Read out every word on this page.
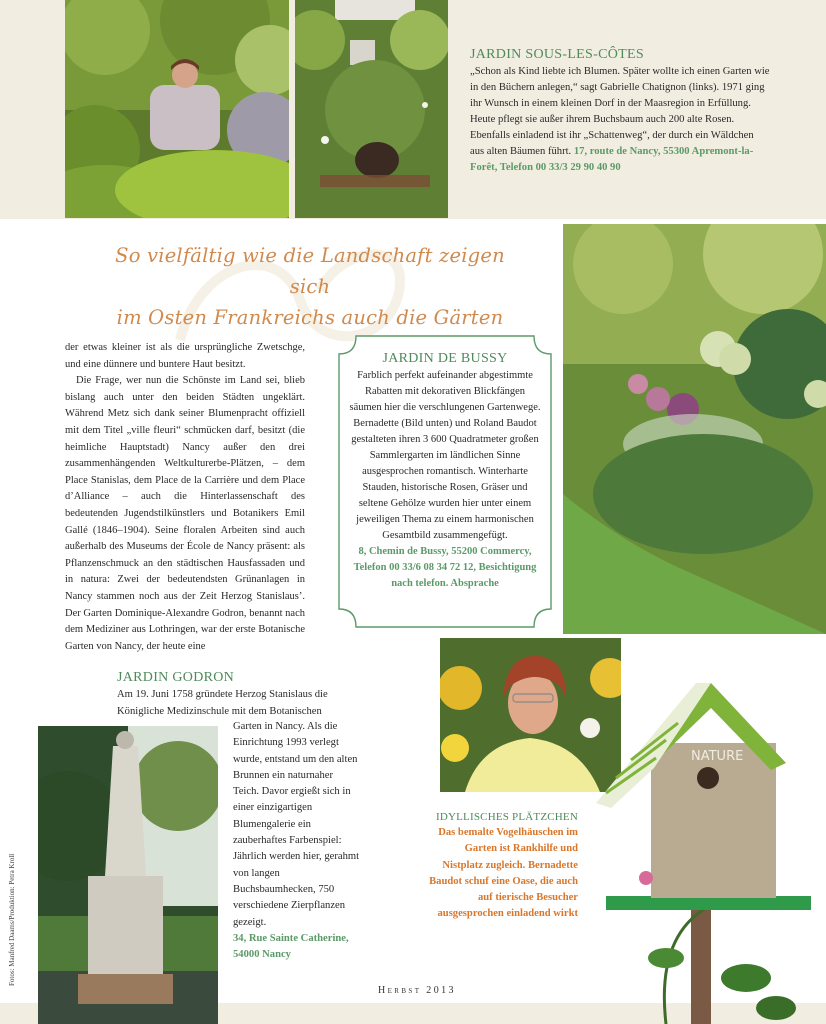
JARDIN SOUS-LES-CÔTES

„Schon als Kind liebte ich Blumen. Später wollte ich einen Garten wie in den Büchern anlegen,“ sagt Gabrielle Chatignon (links). 1971 ging ihr Wunsch in einem kleinen Dorf in der Maasregion in Erfüllung. Heute pflegt sie außer ihrem Buchsbaum auch 200 alte Rosen. Ebenfalls einladend ist ihr „Schattenweg“, der durch ein Wäldchen aus alten Bäumen führt. 17, route de Nancy, 55300 Apremont-la-Forêt, Telefon 00 33/3 29 90 40 90

So vielfältig wie die Landschaft zeigen sich
im Osten Frankreichs auch die Gärten

der etwas kleiner ist als die ursprüngliche Zwetschge, und eine dünnere und buntere Haut besitzt.

Die Frage, wer nun die Schönste im Land sei, blieb bislang auch unter den beiden Städten ungeklärt. Während Metz sich dank seiner Blumenpracht offiziell mit dem Titel „ville fleuri“ schmücken darf, besitzt (die heimliche Hauptstadt) Nancy außer den drei zusammenhängenden Weltkulturerbe-Plätzen, – dem Place Stanislas, dem Place de la Carrière und dem Place d’Alliance – auch die Hinterlassenschaft des bedeutenden Jugendstilkünstlers und Botanikers Emil Gallé (1846–1904). Seine floralen Arbeiten sind auch außerhalb des Museums der École de Nancy präsent: als Pflanzenschmuck an den städtischen Hausfassaden und in natura: Zwei der bedeutendsten Grünanlagen in Nancy stammen noch aus der Zeit Herzog Stanislaus’. Der Garten Dominique-Alexandre Godron, benannt nach dem Mediziner aus Lothringen, war der erste Botanische Garten von Nancy, der heute eine

JARDIN DE BUSSY

Farblich perfekt aufeinander abgestimmte Rabatten mit dekorativen Blickfängen säumen hier die verschlungenen Gartenwege. Bernadette (Bild unten) und Roland Baudot gestalteten ihren 3 600 Quadratmeter großen Sammlergarten im ländlichen Sinne ausgesprochen romantisch. Winterharte Stauden, historische Rosen, Gräser und seltene Gehölze wurden hier unter einem jeweiligen Thema zu einem harmonischen Gesamtbild zusammengefügt.

8, Chemin de Bussy, 55200 Commercy, Telefon 00 33/6 08 34 72 12, Besichtigung nach telefon. Absprache

JARDIN GODRON

Am 19. Juni 1758 gründete Herzog Stanislaus die Königliche Medizinschule mit dem Botanischen

Garten in Nancy. Als die Einrichtung 1993 verlegt wurde, entstand um den alten Brunnen ein naturnaher Teich. Davor ergießt sich in einer einzigartigen Blumengalerie ein zauberhaftes Farbenspiel: Jährlich werden hier, gerahmt von langen Buchsbaumhecken, 750 verschiedene Zierpflanzen gezeigt.

34, Rue Sainte Catherine, 54000 Nancy

IDYLLISCHES PLÄTZCHEN

Das bemalte Vogelhäuschen im Garten ist Rankhilfe und Nistplatz zugleich. Bernadette Baudot schuf eine Oase, die auch auf tierische Besucher ausgesprochen einladend wirkt

NATURE
Herbst 2013
Fotos: Manfred Daams/Produktion: Petra Kroll
